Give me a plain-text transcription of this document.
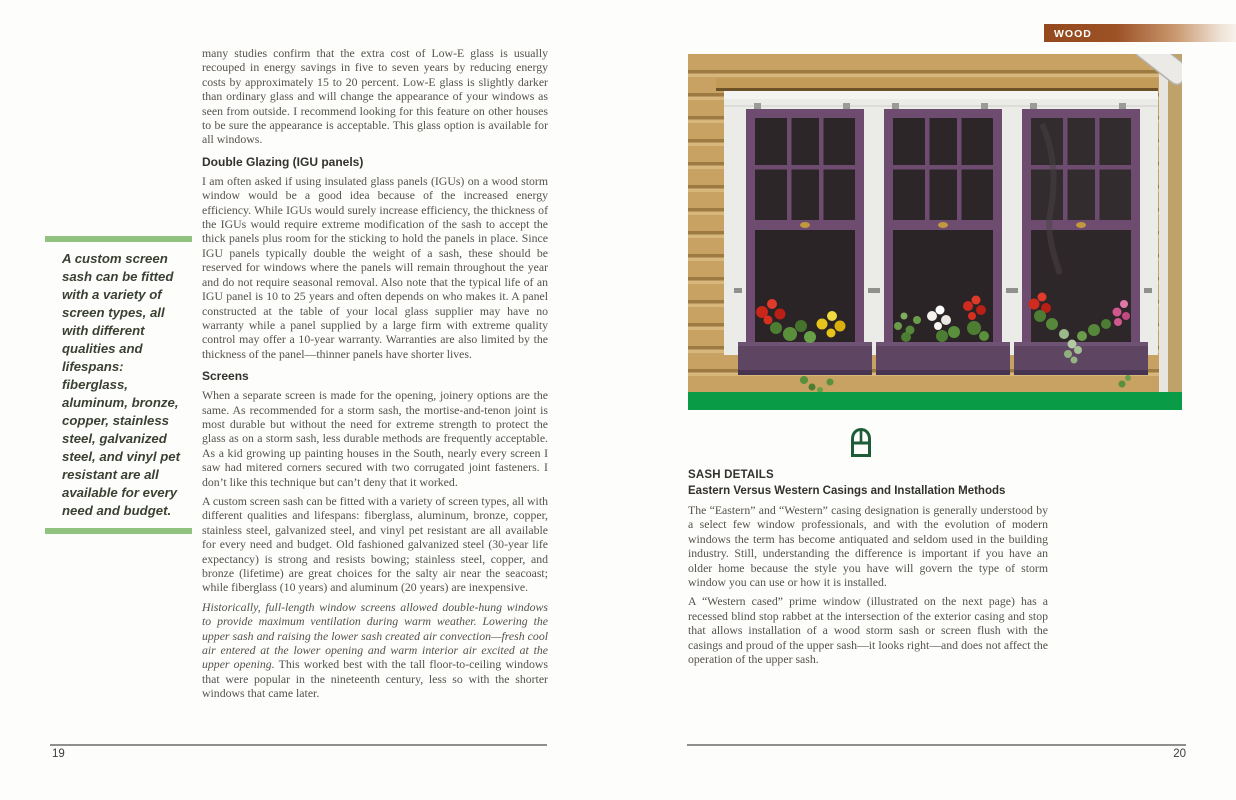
A custom screen sash can be fitted with a variety of screen types, all with different qualities and lifespans: fiberglass, aluminum, bronze, copper, stainless steel, galvanized steel, and vinyl pet resistant are all available for every need and budget.

many studies confirm that the extra cost of Low-E glass is usually recouped in energy savings in five to seven years by reducing energy costs by approximately 15 to 20 percent. Low-E glass is slightly darker than ordinary glass and will change the appearance of your windows as seen from outside. I recommend looking for this feature on other houses to be sure the appearance is acceptable. This glass option is available for all windows.

Double Glazing (IGU panels)

I am often asked if using insulated glass panels (IGUs) on a wood storm window would be a good idea because of the increased energy efficiency. While IGUs would surely increase efficiency, the thickness of the IGUs would require extreme modification of the sash to accept the thick panels plus room for the sticking to hold the panels in place. Since IGU panels typically double the weight of a sash, these should be reserved for windows where the panels will remain throughout the year and do not require seasonal removal. Also note that the typical life of an IGU panel is 10 to 25 years and often depends on who makes it. A panel constructed at the table of your local glass supplier may have no warranty while a panel supplied by a large firm with extreme quality control may offer a 10-year warranty. Warranties are also limited by the thickness of the panel—thinner panels have shorter lives.

Screens

When a separate screen is made for the opening, joinery options are the same. As recommended for a storm sash, the mortise-and-tenon joint is most durable but without the need for extreme strength to protect the glass as on a storm sash, less durable methods are frequently acceptable. As a kid growing up painting houses in the South, nearly every screen I saw had mitered corners secured with two corrugated joint fasteners. I don’t like this technique but can’t deny that it worked.

A custom screen sash can be fitted with a variety of screen types, all with different qualities and lifespans: fiberglass, aluminum, bronze, copper, stainless steel, galvanized steel, and vinyl pet resistant are all available for every need and budget. Old fashioned galvanized steel (30-year life expectancy) is strong and resists bowing; stainless steel, copper, and bronze (lifetime) are great choices for the salty air near the seacoast; while fiberglass (10 years) and aluminum (20 years) are inexpensive.

Historically, full-length window screens allowed double-hung windows to provide maximum ventilation during warm weather. Lowering the upper sash and raising the lower sash created air convection—fresh cool air entered at the lower opening and warm interior air excited at the upper opening. This worked best with the tall floor-to-ceiling windows that were popular in the nineteenth century, less so with the shorter windows that came later.

19
WOOD
SASH DETAILS
Eastern Versus Western Casings and Installation Methods

The “Eastern” and “Western” casing designation is generally understood by a select few window professionals, and with the evolution of modern windows the term has become antiquated and seldom used in the building industry. Still, understanding the difference is important if you have an older home because the style you have will govern the type of storm window you can use or how it is installed.

A “Western cased” prime window (illustrated on the next page) has a recessed blind stop rabbet at the intersection of the exterior casing and stop that allows installation of a wood storm sash or screen flush with the casings and proud of the upper sash—it looks right—and does not affect the operation of the upper sash.

20
